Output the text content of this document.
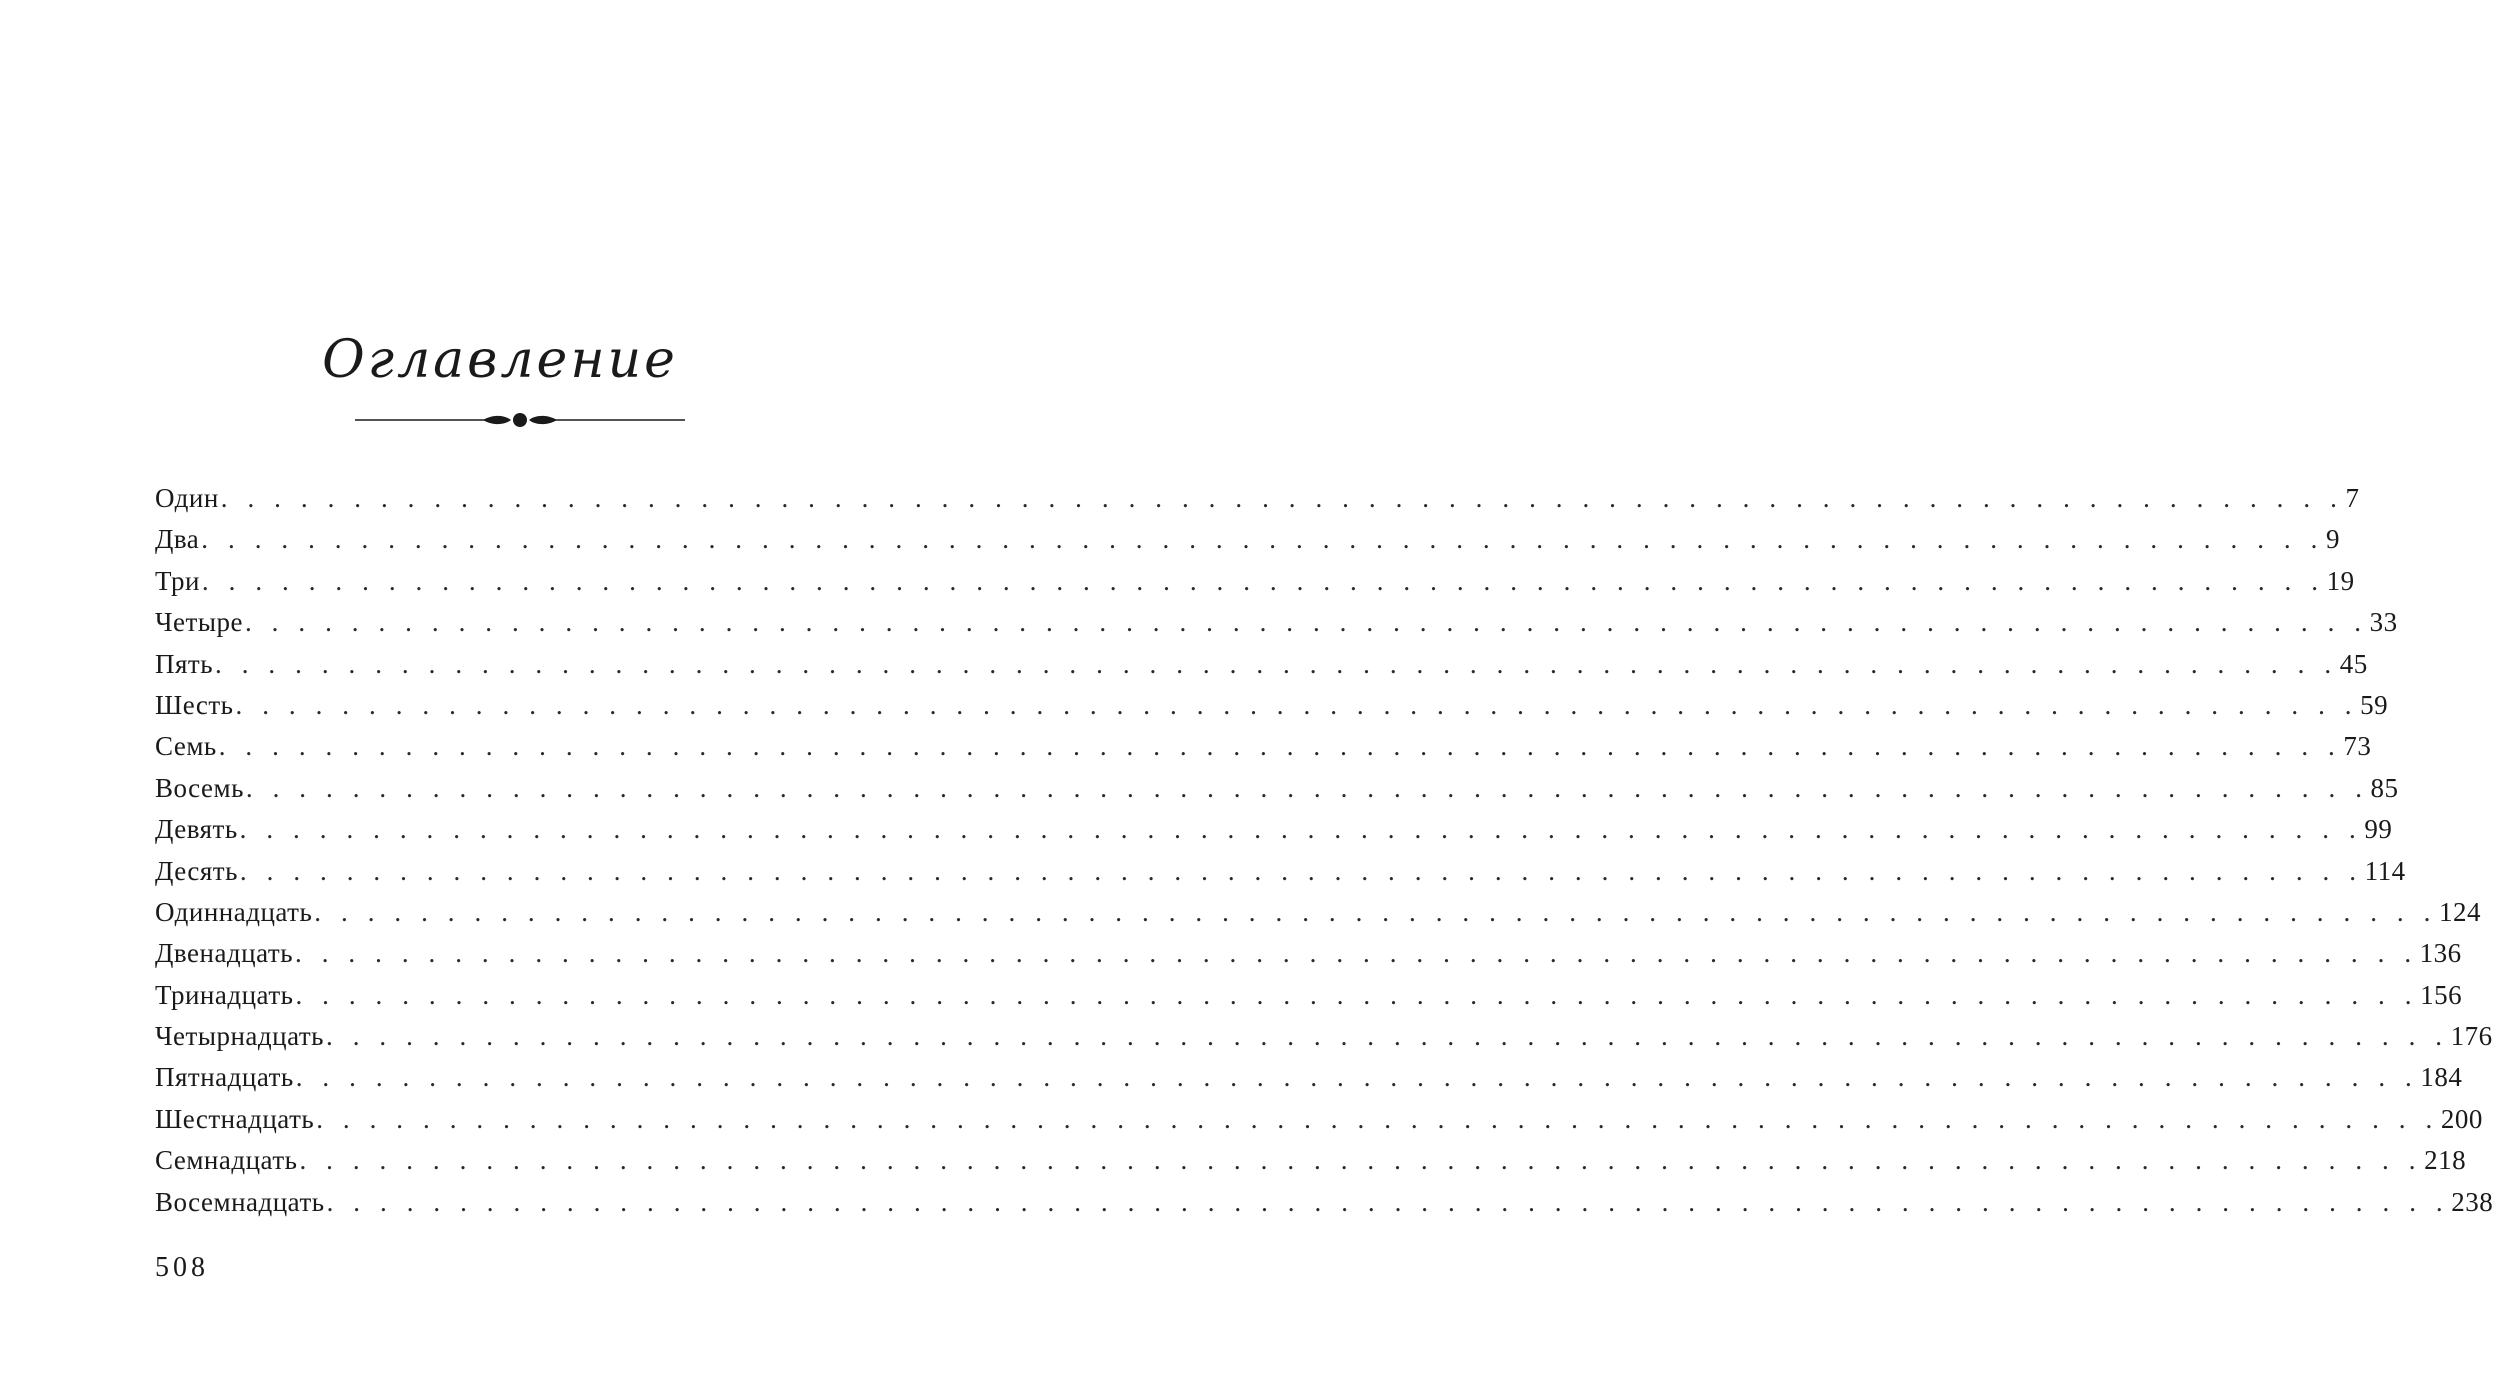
Оглавление
Один . . . . . . . . . . . . . . . . . . . . . . . . . . . . . . . . . . . . . . . . . . . . . . . . . . . . . . . . . . . . . . . . . . . . . . . . . . . . . . . . 7
Два . . . . . . . . . . . . . . . . . . . . . . . . . . . . . . . . . . . . . . . . . . . . . . . . . . . . . . . . . . . . . . . . . . . . . . . . . . . . . . . . 9
Три . . . . . . . . . . . . . . . . . . . . . . . . . . . . . . . . . . . . . . . . . . . . . . . . . . . . . . . . . . . . . . . . . . . . . . . . . . . . . . . . 19
Четыре . . . . . . . . . . . . . . . . . . . . . . . . . . . . . . . . . . . . . . . . . . . . . . . . . . . . . . . . . . . . . . . . . . . . . . . . . . . . . . . . 33
Пять . . . . . . . . . . . . . . . . . . . . . . . . . . . . . . . . . . . . . . . . . . . . . . . . . . . . . . . . . . . . . . . . . . . . . . . . . . . . . . . . 45
Шесть . . . . . . . . . . . . . . . . . . . . . . . . . . . . . . . . . . . . . . . . . . . . . . . . . . . . . . . . . . . . . . . . . . . . . . . . . . . . . . . . 59
Семь . . . . . . . . . . . . . . . . . . . . . . . . . . . . . . . . . . . . . . . . . . . . . . . . . . . . . . . . . . . . . . . . . . . . . . . . . . . . . . . . 73
Восемь . . . . . . . . . . . . . . . . . . . . . . . . . . . . . . . . . . . . . . . . . . . . . . . . . . . . . . . . . . . . . . . . . . . . . . . . . . . . . . . . 85
Девять . . . . . . . . . . . . . . . . . . . . . . . . . . . . . . . . . . . . . . . . . . . . . . . . . . . . . . . . . . . . . . . . . . . . . . . . . . . . . . . . 99
Десять . . . . . . . . . . . . . . . . . . . . . . . . . . . . . . . . . . . . . . . . . . . . . . . . . . . . . . . . . . . . . . . . . . . . . . . . . . . . . . . . 114
Одиннадцать . . . . . . . . . . . . . . . . . . . . . . . . . . . . . . . . . . . . . . . . . . . . . . . . . . . . . . . . . . . . . . . . . . . . . . . . . . . . . . . . 124
Двенадцать . . . . . . . . . . . . . . . . . . . . . . . . . . . . . . . . . . . . . . . . . . . . . . . . . . . . . . . . . . . . . . . . . . . . . . . . . . . . . . . . 136
Тринадцать . . . . . . . . . . . . . . . . . . . . . . . . . . . . . . . . . . . . . . . . . . . . . . . . . . . . . . . . . . . . . . . . . . . . . . . . . . . . . . . . 156
Четырнадцать . . . . . . . . . . . . . . . . . . . . . . . . . . . . . . . . . . . . . . . . . . . . . . . . . . . . . . . . . . . . . . . . . . . . . . . . . . . . . . . . 176
Пятнадцать . . . . . . . . . . . . . . . . . . . . . . . . . . . . . . . . . . . . . . . . . . . . . . . . . . . . . . . . . . . . . . . . . . . . . . . . . . . . . . . . 184
Шестнадцать . . . . . . . . . . . . . . . . . . . . . . . . . . . . . . . . . . . . . . . . . . . . . . . . . . . . . . . . . . . . . . . . . . . . . . . . . . . . . . . . 200
Семнадцать . . . . . . . . . . . . . . . . . . . . . . . . . . . . . . . . . . . . . . . . . . . . . . . . . . . . . . . . . . . . . . . . . . . . . . . . . . . . . . . . 218
Восемнадцать . . . . . . . . . . . . . . . . . . . . . . . . . . . . . . . . . . . . . . . . . . . . . . . . . . . . . . . . . . . . . . . . . . . . . . . . . . . . . . . . 238
508
